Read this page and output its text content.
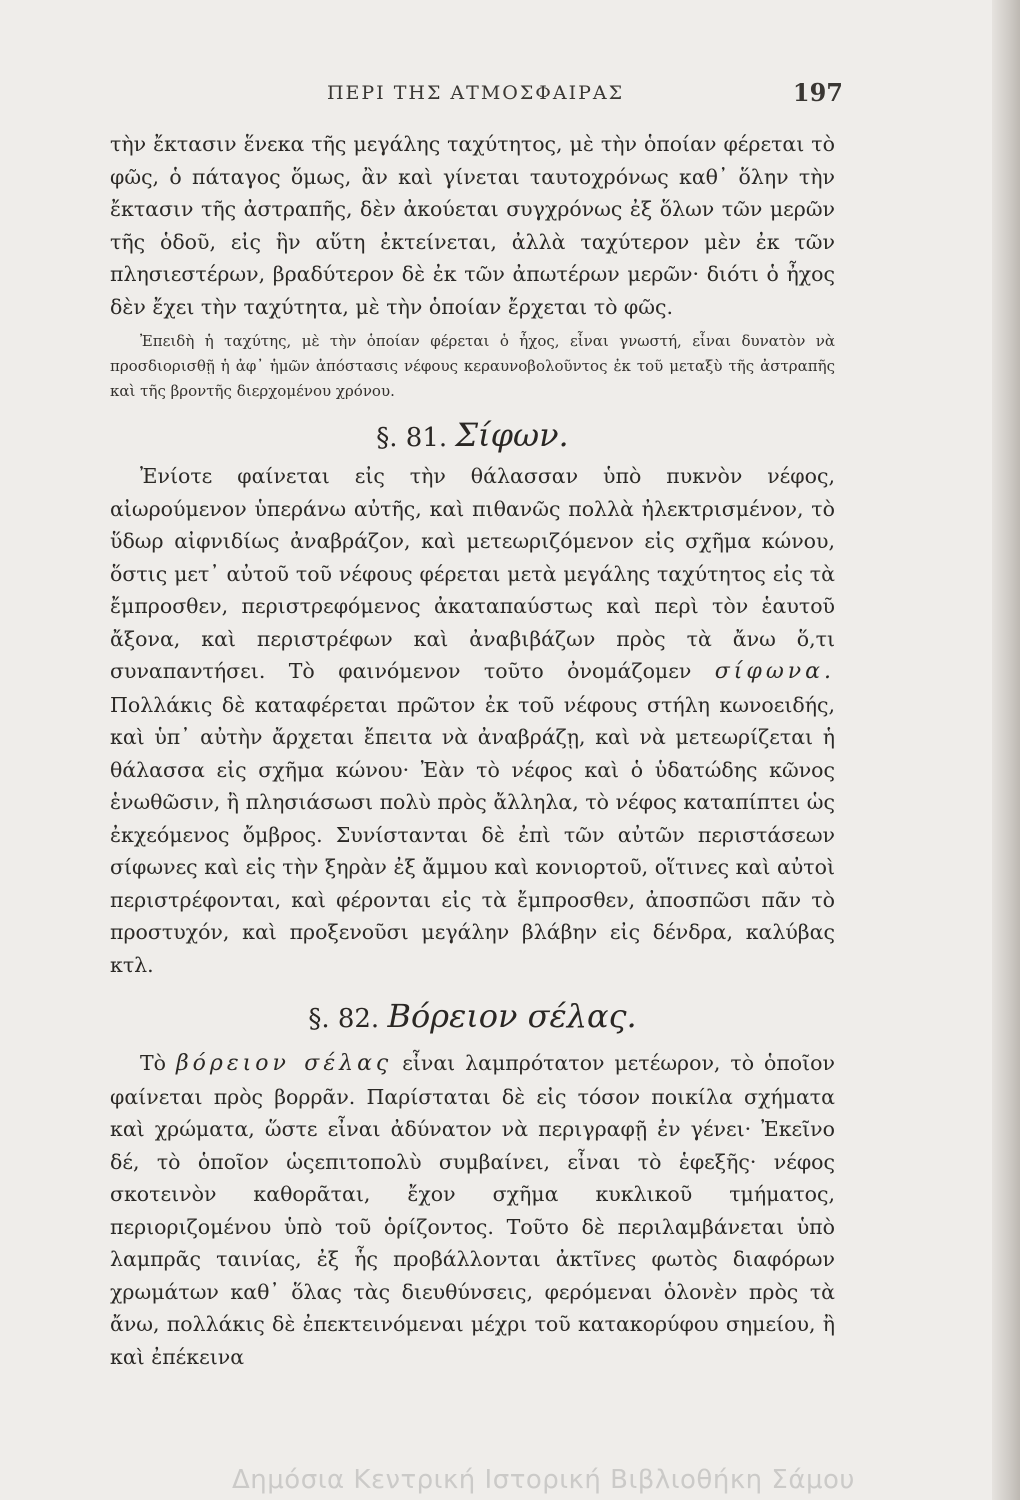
ΠΕΡΙ ΤΗΣ ΑΤΜΟΣΦΑΙΡΑΣ	197

τὴν ἔκτασιν ἕνεκα τῆς μεγάλης ταχύτητος, μὲ τὴν ὁποίαν φέρεται τὸ φῶς, ὁ πάταγος ὅμως, ἂν καὶ γίνεται ταυτοχρόνως καθ᾽ ὅλην τὴν ἔκτασιν τῆς ἀστραπῆς, δὲν ἀκούεται συγχρόνως ἐξ ὅλων τῶν μερῶν τῆς ὁδοῦ, εἰς ἣν αὕτη ἐκτείνεται, ἀλλὰ ταχύτερον μὲν ἐκ τῶν πλησιεστέρων, βραδύτερον δὲ ἐκ τῶν ἀπωτέρων μερῶν· διότι ὁ ἦχος δὲν ἔχει τὴν ταχύτητα, μὲ τὴν ὁποίαν ἔρχεται τὸ φῶς.

Ἐπειδὴ ἡ ταχύτης, μὲ τὴν ὁποίαν φέρεται ὁ ἦχος, εἶναι γνωστή, εἶναι δυνατὸν νὰ προσδιορισθῇ ἡ ἀφ᾽ ἡμῶν ἀπόστασις νέφους κεραυνοβολοῦντος ἐκ τοῦ μεταξὺ τῆς ἀστραπῆς καὶ τῆς βροντῆς διερχομένου χρόνου.

§. 81. Σίφων.

Ἐνίοτε φαίνεται εἰς τὴν θάλασσαν ὑπὸ πυκνὸν νέφος, αἰωρούμενον ὑπεράνω αὐτῆς, καὶ πιθανῶς πολλὰ ἠλεκτρισμένον, τὸ ὕδωρ αἰφνιδίως ἀναβράζον, καὶ μετεωριζόμενον εἰς σχῆμα κώνου, ὅστις μετ᾽ αὐτοῦ τοῦ νέφους φέρεται μετὰ μεγάλης ταχύτητος εἰς τὰ ἔμπροσθεν, περιστρεφόμενος ἀκαταπαύστως καὶ περὶ τὸν ἑαυτοῦ ἄξονα, καὶ περιστρέφων καὶ ἀναβιβάζων πρὸς τὰ ἄνω ὅ,τι συναπαντήσει. Τὸ φαινόμενον τοῦτο ὀνομάζομεν σίφωνα. Πολλάκις δὲ καταφέρεται πρῶτον ἐκ τοῦ νέφους στήλη κωνοειδής, καὶ ὑπ᾽ αὐτὴν ἄρχεται ἔπειτα νὰ ἀναβράζῃ, καὶ νὰ μετεωρίζεται ἡ θάλασσα εἰς σχῆμα κώνου· Ἐὰν τὸ νέφος καὶ ὁ ὑδατώδης κῶνος ἑνωθῶσιν, ἢ πλησιάσωσι πολὺ πρὸς ἄλληλα, τὸ νέφος καταπίπτει ὡς ἐκχεόμενος ὄμβρος. Συνίστανται δὲ ἐπὶ τῶν αὐτῶν περιστάσεων σίφωνες καὶ εἰς τὴν ξηρὰν ἐξ ἄμμου καὶ κονιορτοῦ, οἵτινες καὶ αὐτοὶ περιστρέφονται, καὶ φέρονται εἰς τὰ ἔμπροσθεν, ἀποσπῶσι πᾶν τὸ προστυχόν, καὶ προξενοῦσι μεγάλην βλάβην εἰς δένδρα, καλύβας κτλ.

§. 82. Βόρειον σέλας.

Τὸ βόρειον σέλας εἶναι λαμπρότατον μετέωρον, τὸ ὁποῖον φαίνεται πρὸς βορρᾶν. Παρίσταται δὲ εἰς τόσον ποικίλα σχήματα καὶ χρώματα, ὥστε εἶναι ἀδύνατον νὰ περιγραφῇ ἐν γένει· Ἐκεῖνο δέ, τὸ ὁποῖον ὡςεπιτοπολὺ συμβαίνει, εἶναι τὸ ἑφεξῆς· νέφος σκοτεινὸν καθορᾶται, ἔχον σχῆμα κυκλικοῦ τμήματος, περιοριζομένου ὑπὸ τοῦ ὁρίζοντος. Τοῦτο δὲ περιλαμβάνεται ὑπὸ λαμπρᾶς ταινίας, ἐξ ἧς προβάλλονται ἀκτῖνες φωτὸς διαφόρων χρωμάτων καθ᾽ ὅλας τὰς διευθύνσεις, φερόμεναι ὁλονὲν πρὸς τὰ ἄνω, πολλάκις δὲ ἐπεκτεινόμεναι μέχρι τοῦ κατακορύφου σημείου, ἢ καὶ ἐπέκεινα

Δημόσια Κεντρική Ιστορική Βιβλιοθήκη Σάμου
